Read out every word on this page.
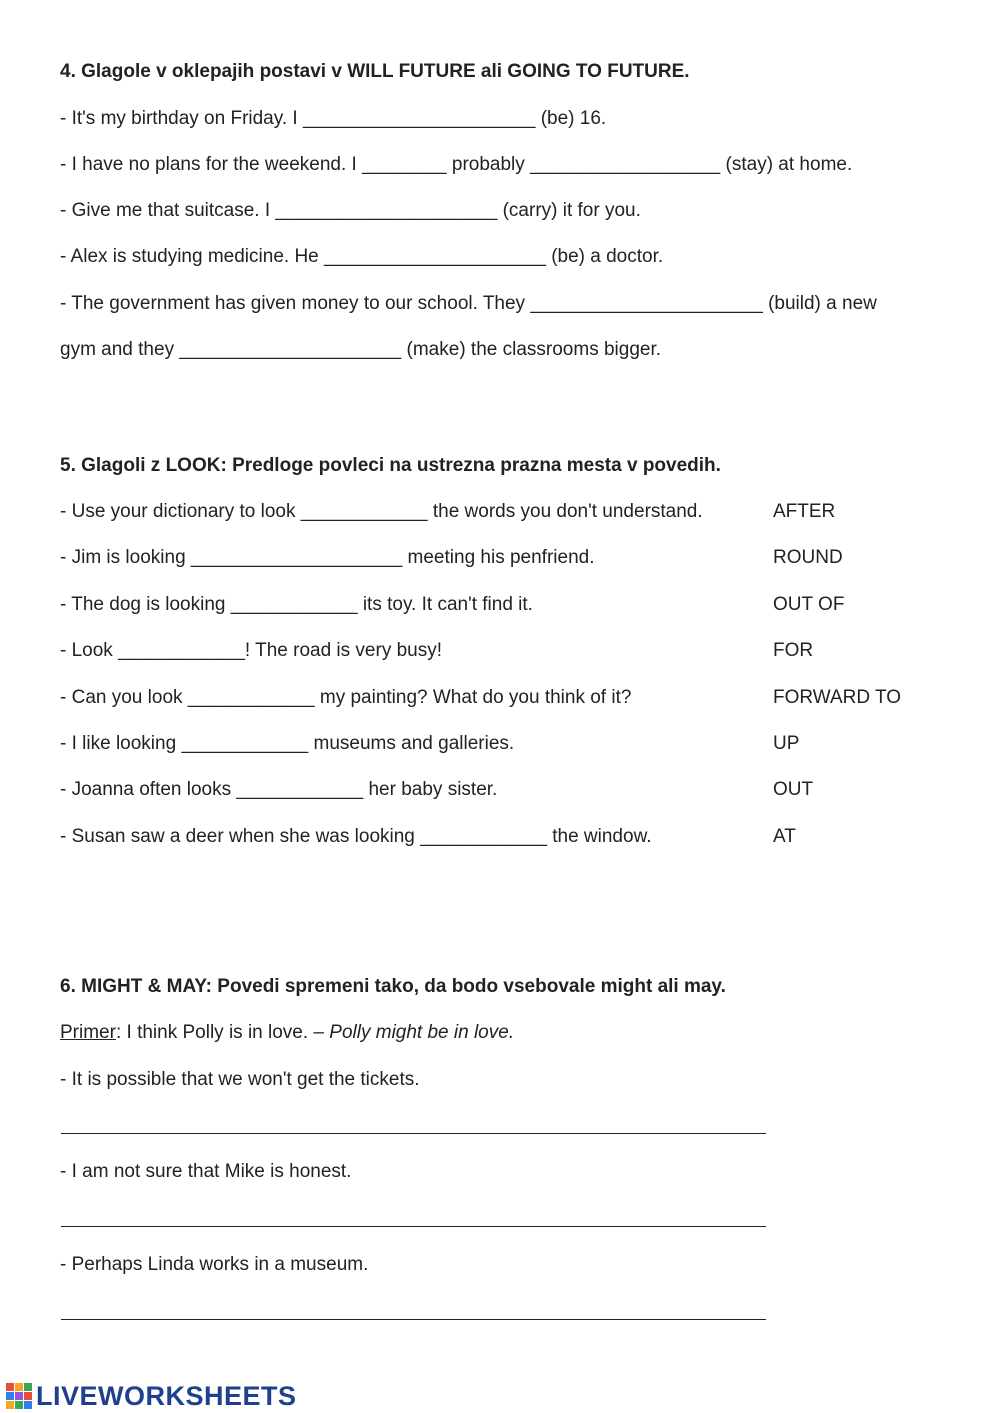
4. Glagole v oklepajih postavi v WILL FUTURE ali GOING TO FUTURE.
- It's my birthday on Friday. I ______________________ (be) 16.
- I have no plans for the weekend. I ________ probably __________________ (stay) at home.
- Give me that suitcase. I _____________________ (carry) it for you.
- Alex is studying medicine. He _____________________ (be) a doctor.
- The government has given money to our school. They ______________________ (build) a new
gym and they _____________________ (make) the classrooms bigger.
5. Glagoli z LOOK: Predloge povleci na ustrezna prazna mesta v povedih.
- Use your dictionary to look ____________ the words you don't understand.
- Jim is looking ____________________ meeting his penfriend.
- The dog is looking ____________ its toy. It can't find it.
- Look ____________! The road is very busy!
- Can you look ____________ my painting? What do you think of it?
- I like looking ____________ museums and galleries.
- Joanna often looks ____________ her baby sister.
- Susan saw a deer when she was looking ____________ the window.
AFTER
ROUND
OUT OF
FOR
FORWARD TO
UP
OUT
AT
6. MIGHT & MAY: Povedi spremeni tako, da bodo vsebovale might ali may.
Primer: I think Polly is in love. – Polly might be in love.
- It is possible that we won't get the tickets.
- I am not sure that Mike is honest.
- Perhaps Linda works in a museum.
LIVEWORKSHEETS
